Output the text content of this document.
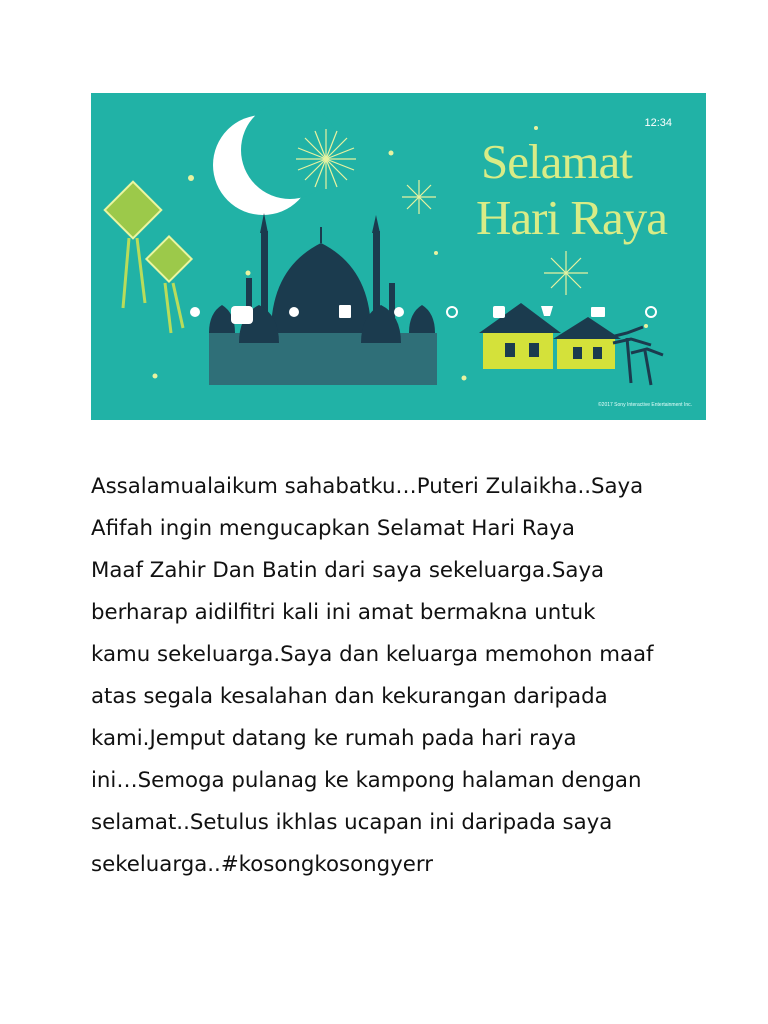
12:34
Selamat
Hari Raya
©2017 Sony Interactive Entertainment Inc.

Assalamualaikum sahabatku…Puteri Zulaikha..Saya
Afifah ingin mengucapkan Selamat Hari Raya
Maaf Zahir Dan Batin dari saya sekeluarga.Saya
berharap aidilfitri kali ini amat bermakna untuk
kamu sekeluarga.Saya dan keluarga memohon maaf
atas segala kesalahan dan kekurangan daripada
kami.Jemput datang ke rumah pada hari raya
ini…Semoga pulanag ke kampong halaman dengan
selamat..Setulus ikhlas ucapan ini daripada saya
sekeluarga..#kosongkosongyerr
